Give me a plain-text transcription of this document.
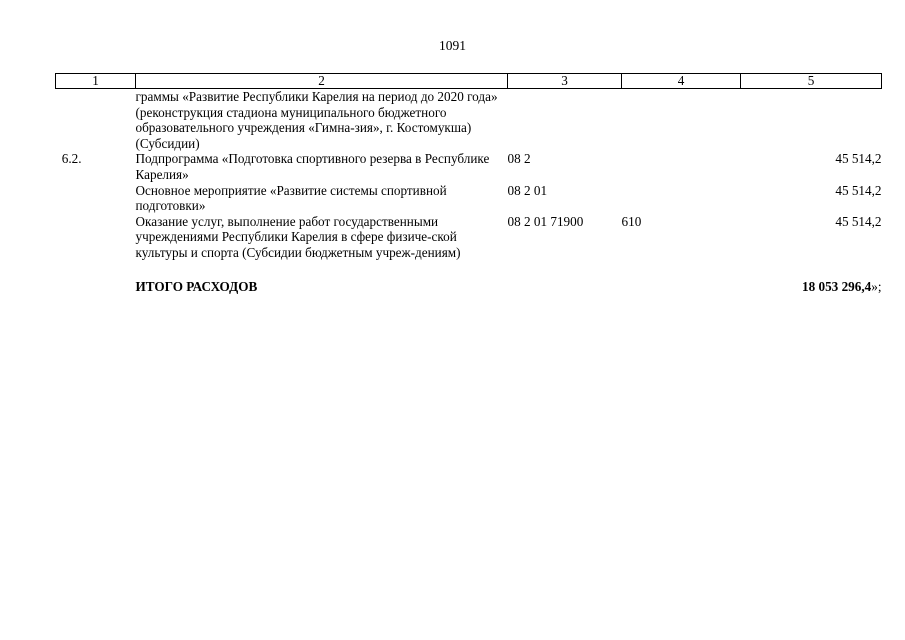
1091
1	2	3	4	5
	граммы «Развитие Республики Карелия на период до 2020 года» (реконструкция стадиона муниципального бюджетного образовательного учреждения «Гимна-зия», г. Костомукша) (Субсидии)			
6.2.	Подпрограмма «Подготовка спортивного резерва в Республике Карелия»	08 2		45 514,2
	Основное мероприятие «Развитие системы спортивной подготовки»	08 2 01		45 514,2
	Оказание услуг, выполнение работ государственными учреждениями Республики Карелия в сфере физиче-ской культуры и спорта (Субсидии бюджетным учреж-дениям)	08 2 01 71900	610	45 514,2
	ИТОГО РАСХОДОВ			18 053 296,4»;
